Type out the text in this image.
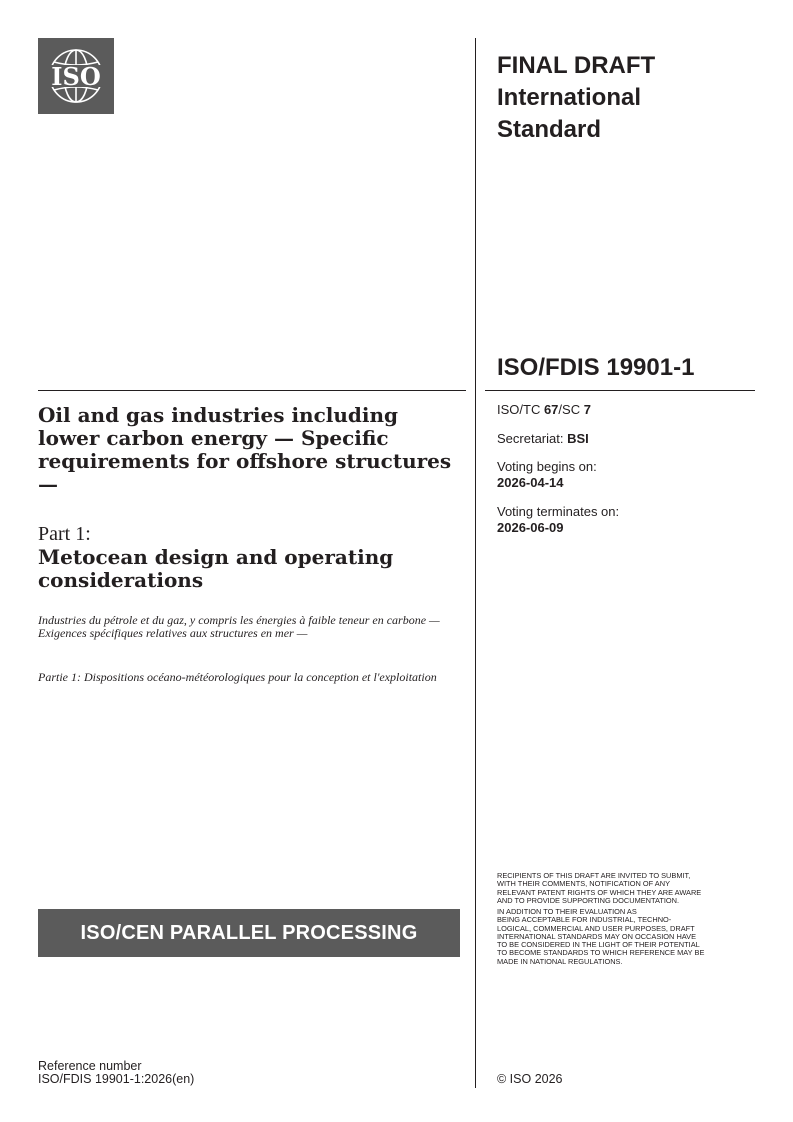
ISO	FINAL DRAFT
International
Standard
ISO/FDIS 19901-1
ISO/TC 67/SC 7
Secretariat: BSI
Voting begins on:
2026-04-14
Voting terminates on:
2026-06-09
Oil and gas industries including lower carbon energy — Specific requirements for offshore structures —
Part 1:
Metocean design and operating considerations
Industries du pétrole et du gaz, y compris les énergies à faible teneur en carbone — Exigences spécifiques relatives aux structures en mer —
Partie 1: Dispositions océano-météorologiques pour la conception et l'exploitation
ISO/CEN PARALLEL PROCESSING
RECIPIENTS OF THIS DRAFT ARE INVITED TO SUBMIT,
WITH THEIR COMMENTS, NOTIFICATION OF ANY
RELEVANT PATENT RIGHTS OF WHICH THEY ARE AWARE
AND TO PROVIDE SUPPORTING DOCUMENTATION.
IN ADDITION TO THEIR EVALUATION AS
BEING ACCEPTABLE FOR INDUSTRIAL, TECHNO-
LOGICAL, COMMERCIAL AND USER PURPOSES, DRAFT
INTERNATIONAL STANDARDS MAY ON OCCASION HAVE
TO BE CONSIDERED IN THE LIGHT OF THEIR POTENTIAL
TO BECOME STANDARDS TO WHICH REFERENCE MAY BE
MADE IN NATIONAL REGULATIONS.
Reference number
ISO/FDIS 19901-1:2026(en)	© ISO 2026
